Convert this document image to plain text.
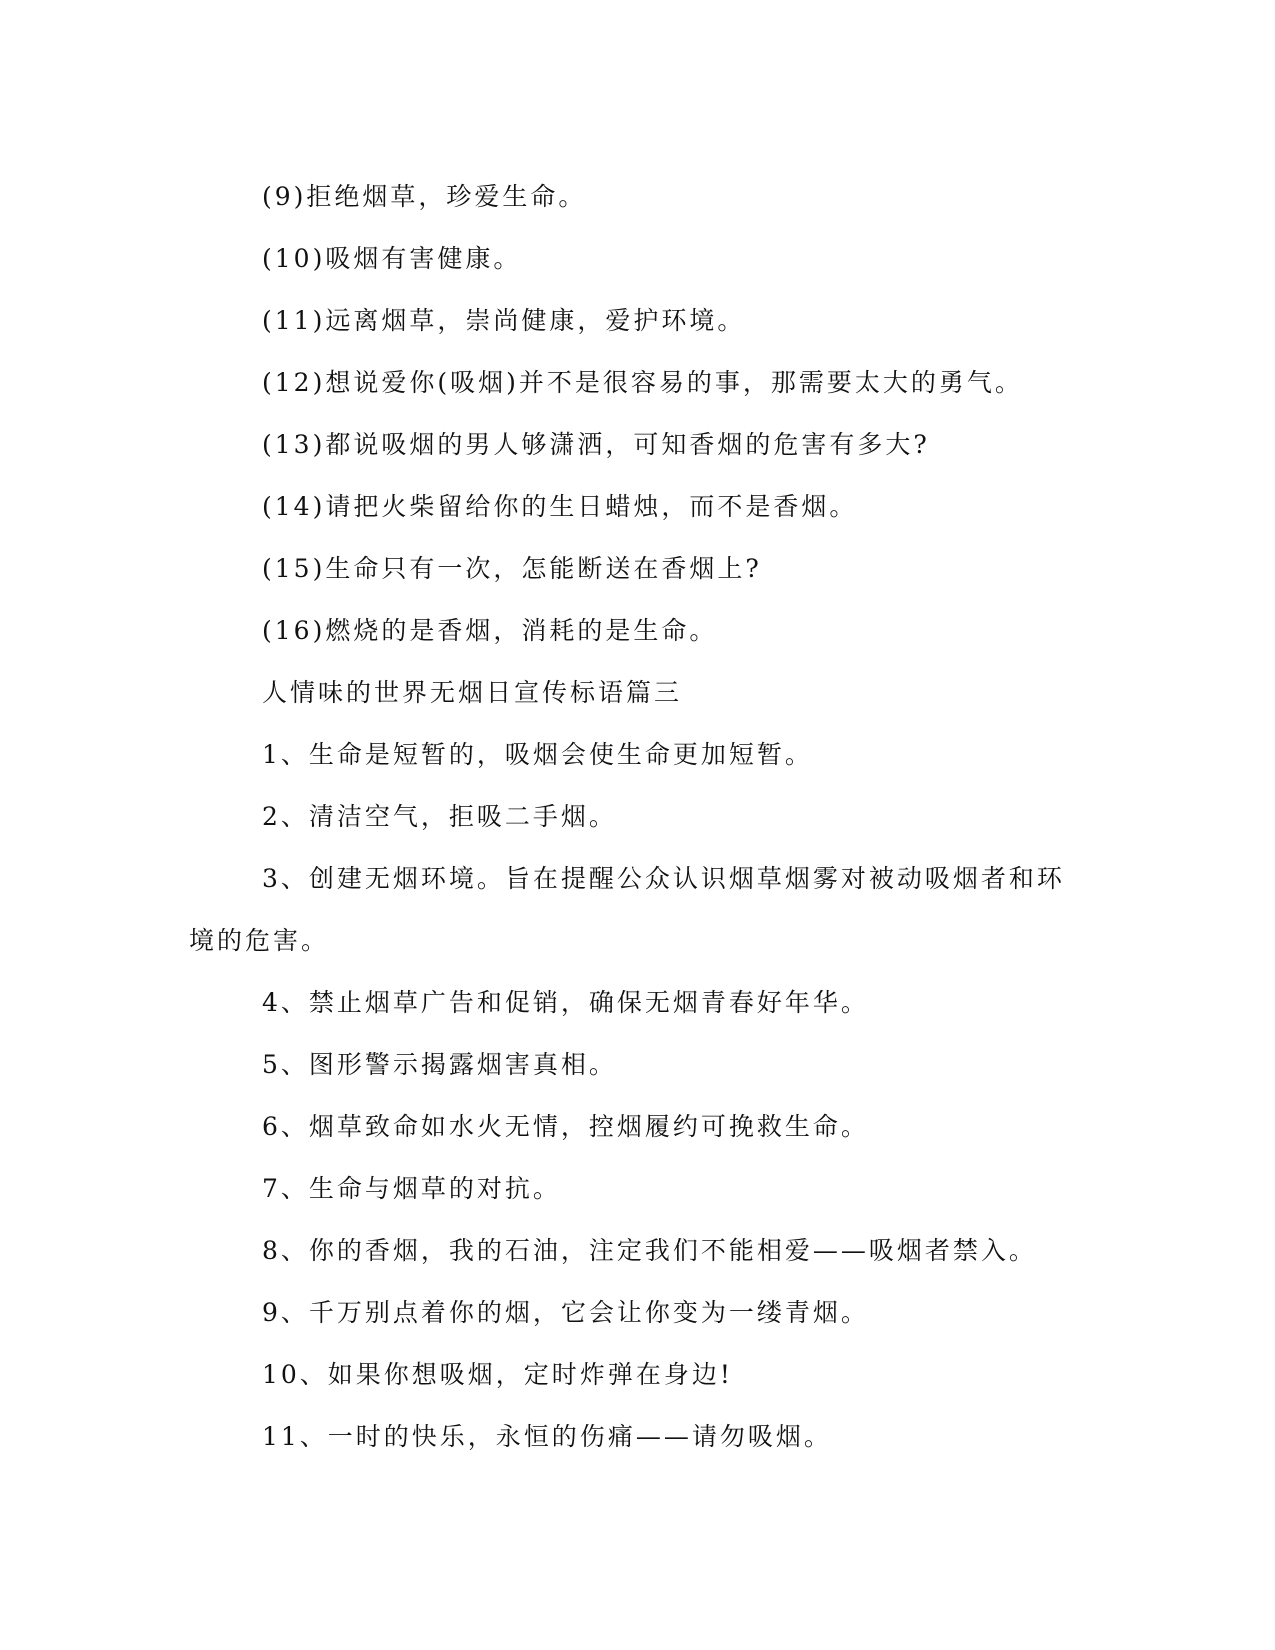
(9)拒绝烟草，珍爱生命。
(10)吸烟有害健康。
(11)远离烟草，崇尚健康，爱护环境。
(12)想说爱你(吸烟)并不是很容易的事，那需要太大的勇气。
(13)都说吸烟的男人够潇洒，可知香烟的危害有多大?
(14)请把火柴留给你的生日蜡烛，而不是香烟。
(15)生命只有一次，怎能断送在香烟上?
(16)燃烧的是香烟，消耗的是生命。
人情味的世界无烟日宣传标语篇三
1、生命是短暂的，吸烟会使生命更加短暂。
2、清洁空气，拒吸二手烟。
3、创建无烟环境。旨在提醒公众认识烟草烟雾对被动吸烟者和环境的危害。
4、禁止烟草广告和促销，确保无烟青春好年华。
5、图形警示揭露烟害真相。
6、烟草致命如水火无情，控烟履约可挽救生命。
7、生命与烟草的对抗。
8、你的香烟，我的石油，注定我们不能相爱——吸烟者禁入。
9、千万别点着你的烟，它会让你变为一缕青烟。
10、如果你想吸烟，定时炸弹在身边!
11、一时的快乐，永恒的伤痛——请勿吸烟。
